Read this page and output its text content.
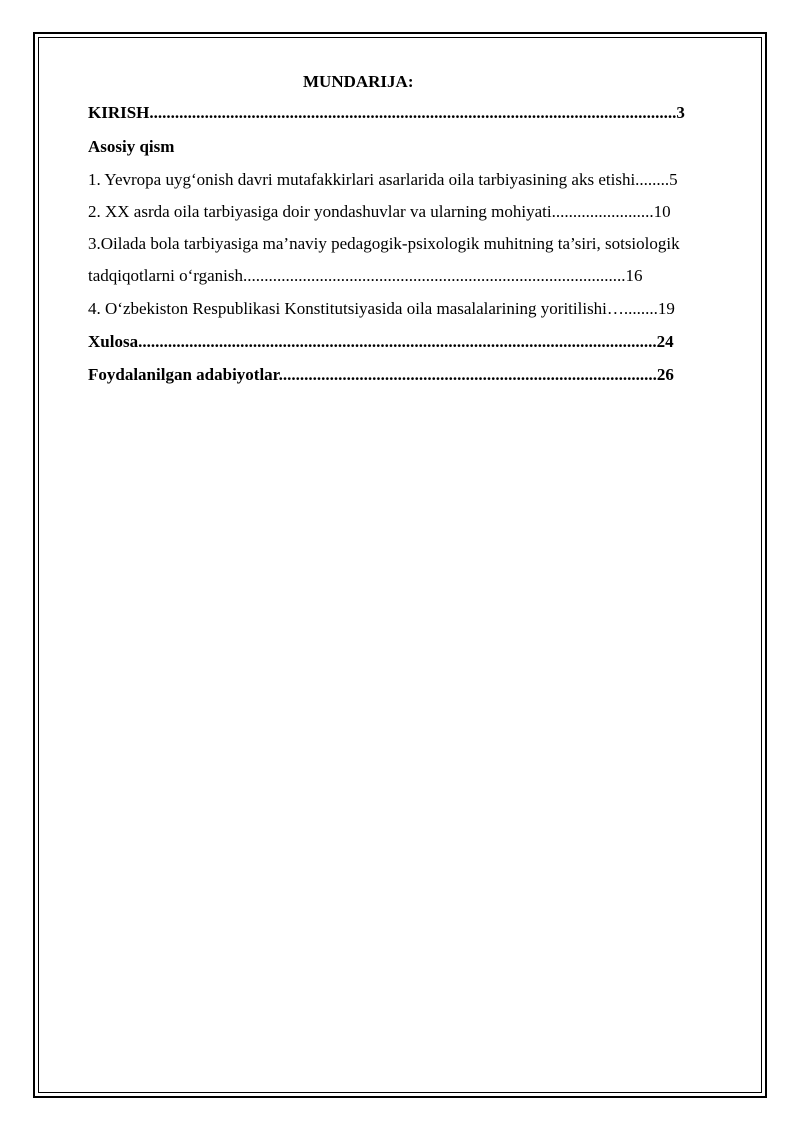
MUNDARIJA:
KIRISH............................................................................................................................3
Asosiy qism
1. Yevropa uyg‘onish davri mutafakkirlari asarlarida oila tarbiyasining aks etishi........5
2. XX asrda oila tarbiyasiga doir yondashuvlar va ularning mohiyati........................10
3.Oilada bola tarbiyasiga ma’naviy pedagogik-psixologik muhitning ta’siri, sotsiologik
tadqiqotlarni o‘rganish..........................................................................................16
4. O‘zbekiston Respublikasi Konstitutsiyasida oila masalalarining yoritilishi…........19
Xulosa..........................................................................................................................24
Foydalanilgan adabiyotlar.........................................................................................26
